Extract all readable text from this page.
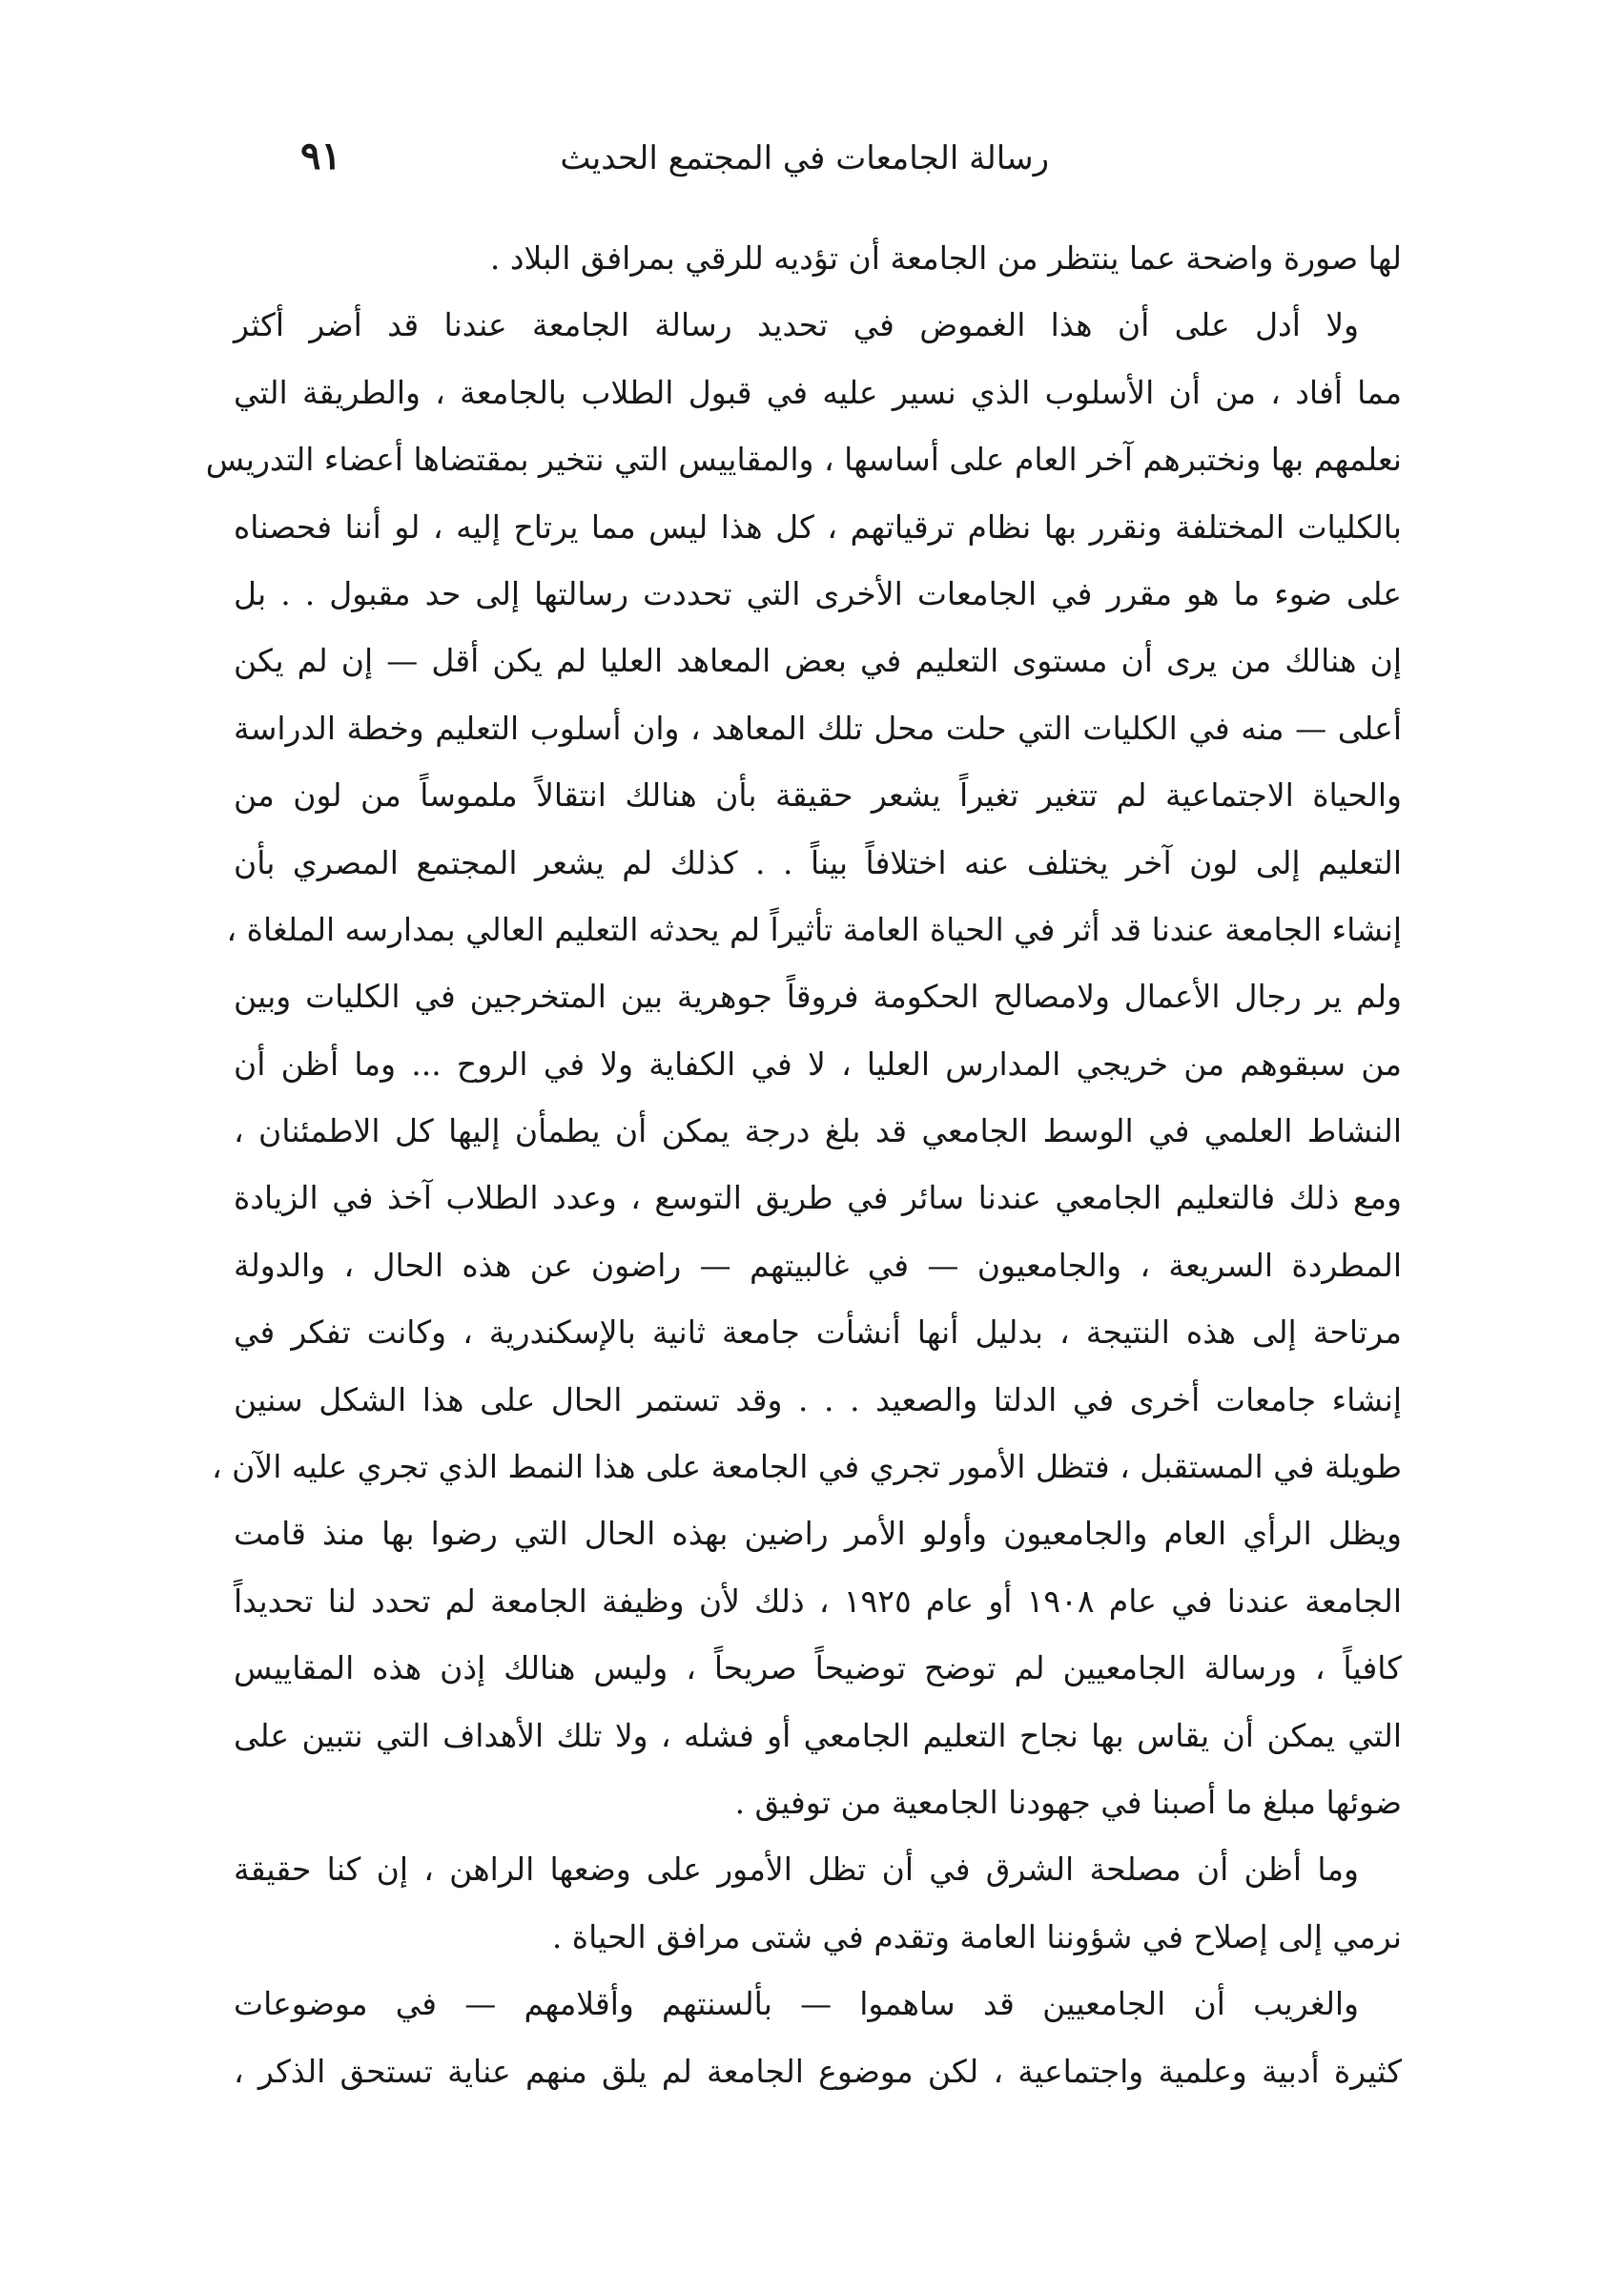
رسالة الجامعات في المجتمع الحديث
٩١
لها صورة واضحة عما ينتظر من الجامعة أن تؤديه للرقي بمرافق البلاد .
ولا أدل على أن هذا الغموض في تحديد رسالة الجامعة عندنا قد أضر أكثر
مما أفاد ، من أن الأسلوب الذي نسير عليه في قبول الطلاب بالجامعة ، والطريقة التي
نعلمهم بها ونختبرهم آخر العام على أساسها ، والمقاييس التي نتخير بمقتضاها أعضاء التدريس
بالكليات المختلفة ونقرر بها نظام ترقياتهم ، كل هذا ليس مما يرتاح إليه ، لو أننا فحصناه
على ضوء ما هو مقرر في الجامعات الأخرى التي تحددت رسالتها إلى حد مقبول . . بل
إن هنالك من يرى أن مستوى التعليم في بعض المعاهد العليا لم يكن أقل — إن لم يكن
أعلى — منه في الكليات التي حلت محل تلك المعاهد ، وان أسلوب التعليم وخطة الدراسة
والحياة الاجتماعية لم تتغير تغيراً يشعر حقيقة بأن هنالك انتقالاً ملموساً من لون من
التعليم إلى لون آخر يختلف عنه اختلافاً بيناً . . كذلك لم يشعر المجتمع المصري بأن
إنشاء الجامعة عندنا قد أثر في الحياة العامة تأثيراً لم يحدثه التعليم العالي بمدارسه الملغاة ،
ولم ير رجال الأعمال ولامصالح الحكومة فروقاً جوهرية بين المتخرجين في الكليات وبين
من سبقوهم من خريجي المدارس العليا ، لا في الكفاية ولا في الروح ... وما أظن أن
النشاط العلمي في الوسط الجامعي قد بلغ درجة يمكن أن يطمأن إليها كل الاطمئنان ،
ومع ذلك فالتعليم الجامعي عندنا سائر في طريق التوسع ، وعدد الطلاب آخذ في الزيادة
المطردة السريعة ، والجامعيون — في غالبيتهم — راضون عن هذه الحال ، والدولة
مرتاحة إلى هذه النتيجة ، بدليل أنها أنشأت جامعة ثانية بالإسكندرية ، وكانت تفكر في
إنشاء جامعات أخرى في الدلتا والصعيد . . . وقد تستمر الحال على هذا الشكل سنين
طويلة في المستقبل ، فتظل الأمور تجري في الجامعة على هذا النمط الذي تجري عليه الآن ،
ويظل الرأي العام والجامعيون وأولو الأمر راضين بهذه الحال التي رضوا بها منذ قامت
الجامعة عندنا في عام ١٩٠٨ أو عام ١٩٢٥ ، ذلك لأن وظيفة الجامعة لم تحدد لنا تحديداً
كافياً ، ورسالة الجامعيين لم توضح توضيحاً صريحاً ، وليس هنالك إذن هذه المقاييس
التي يمكن أن يقاس بها نجاح التعليم الجامعي أو فشله ، ولا تلك الأهداف التي نتبين على
ضوئها مبلغ ما أصبنا في جهودنا الجامعية من توفيق .
وما أظن أن مصلحة الشرق في أن تظل الأمور على وضعها الراهن ، إن كنا حقيقة
نرمي إلى إصلاح في شؤوننا العامة وتقدم في شتى مرافق الحياة .
والغريب أن الجامعيين قد ساهموا — بألسنتهم وأقلامهم — في موضوعات
كثيرة أدبية وعلمية واجتماعية ، لكن موضوع الجامعة لم يلق منهم عناية تستحق الذكر ،
